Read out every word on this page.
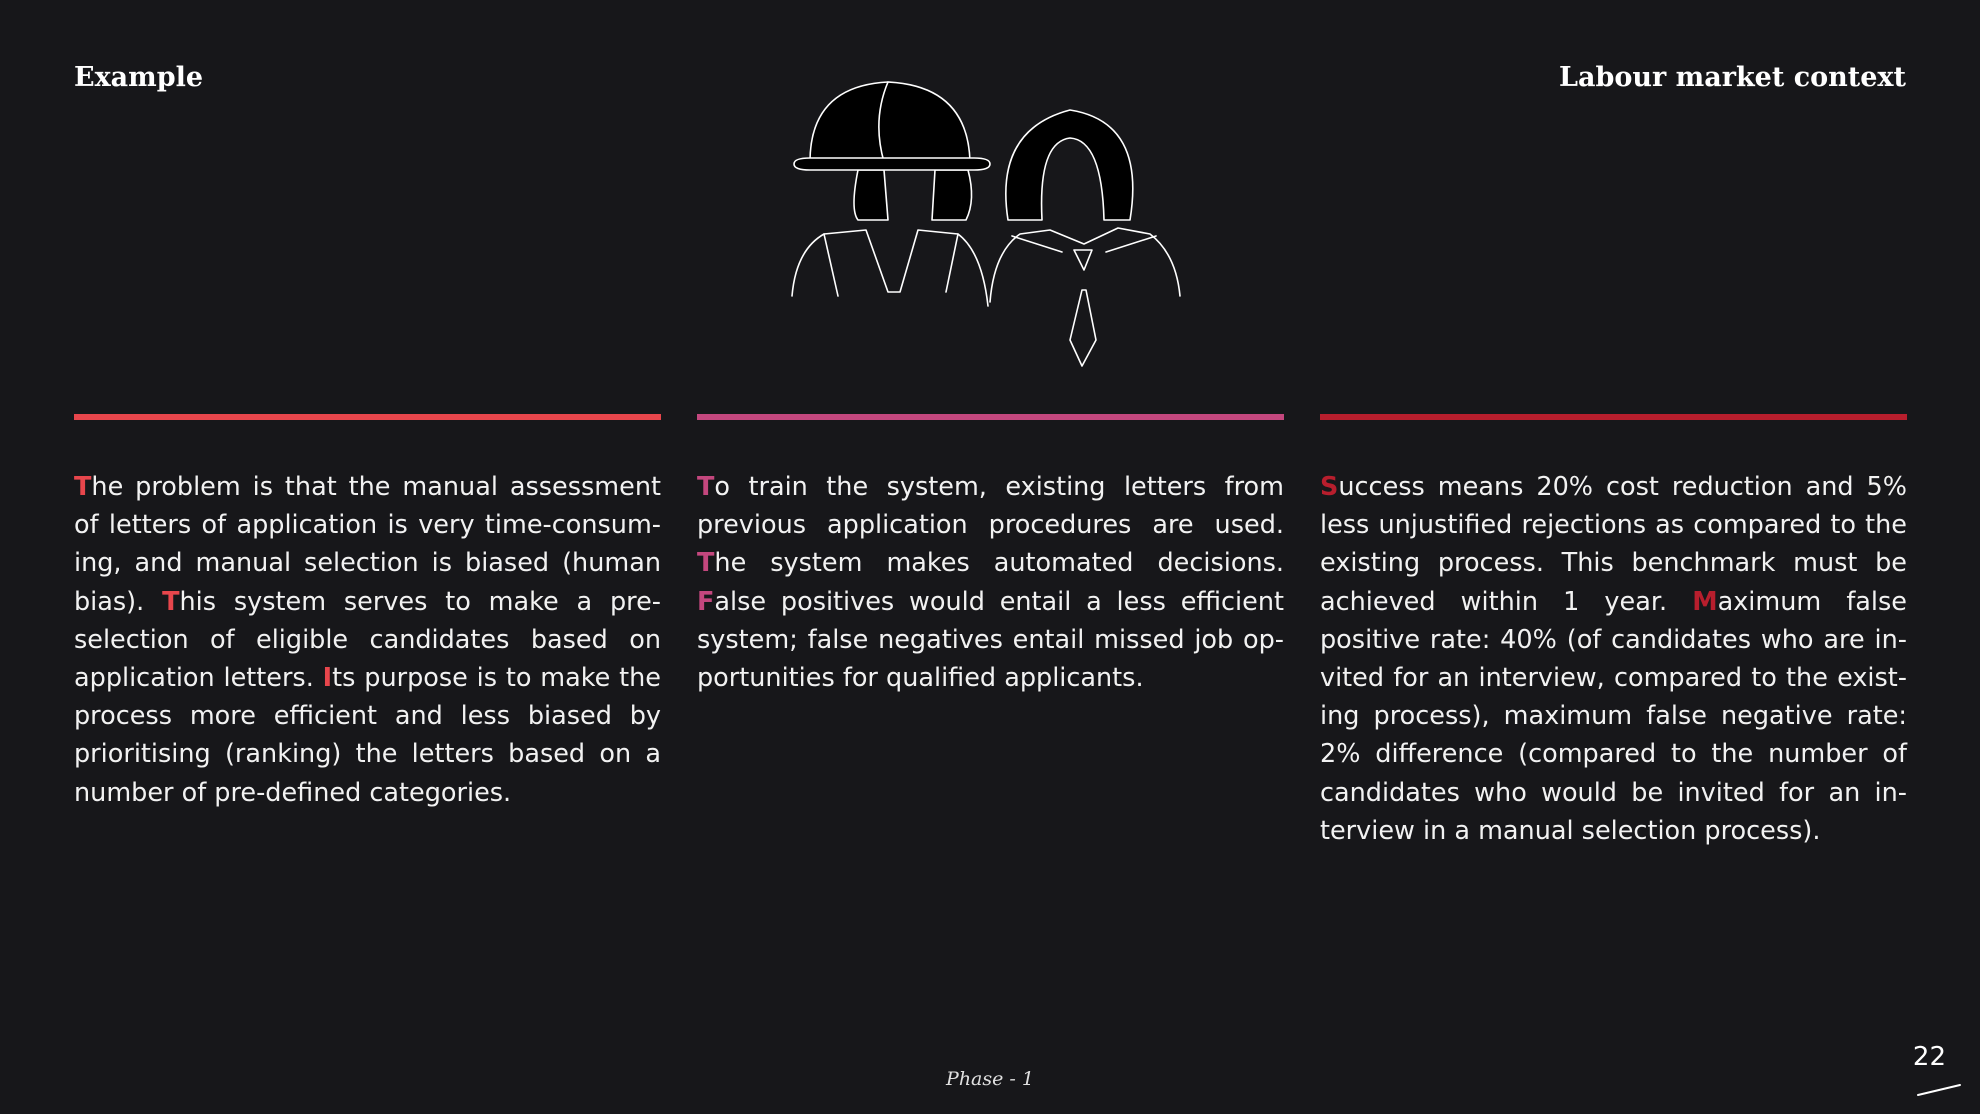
Example	Labour market context

The problem is that the manual assessment of letters of application is very time-consuming, and manual selection is biased (human bias). This system serves to make a pre-selection of eligible candidates based on application letters. Its purpose is to make the process more efficient and less biased by prioritising (ranking) the letters based on a number of pre-defined categories.

To train the system, existing letters from previous application procedures are used. The system makes automated decisions. False positives would entail a less efficient system; false negatives entail missed job opportunities for qualified applicants.

Success means 20% cost reduction and 5% less unjustified rejections as compared to the existing process. This benchmark must be achieved within 1 year. Maximum false positive rate: 40% (of candidates who are invited for an interview, compared to the existing process), maximum false negative rate: 2% difference (compared to the number of candidates who would be invited for an interview in a manual selection process).

Phase - 1
22
